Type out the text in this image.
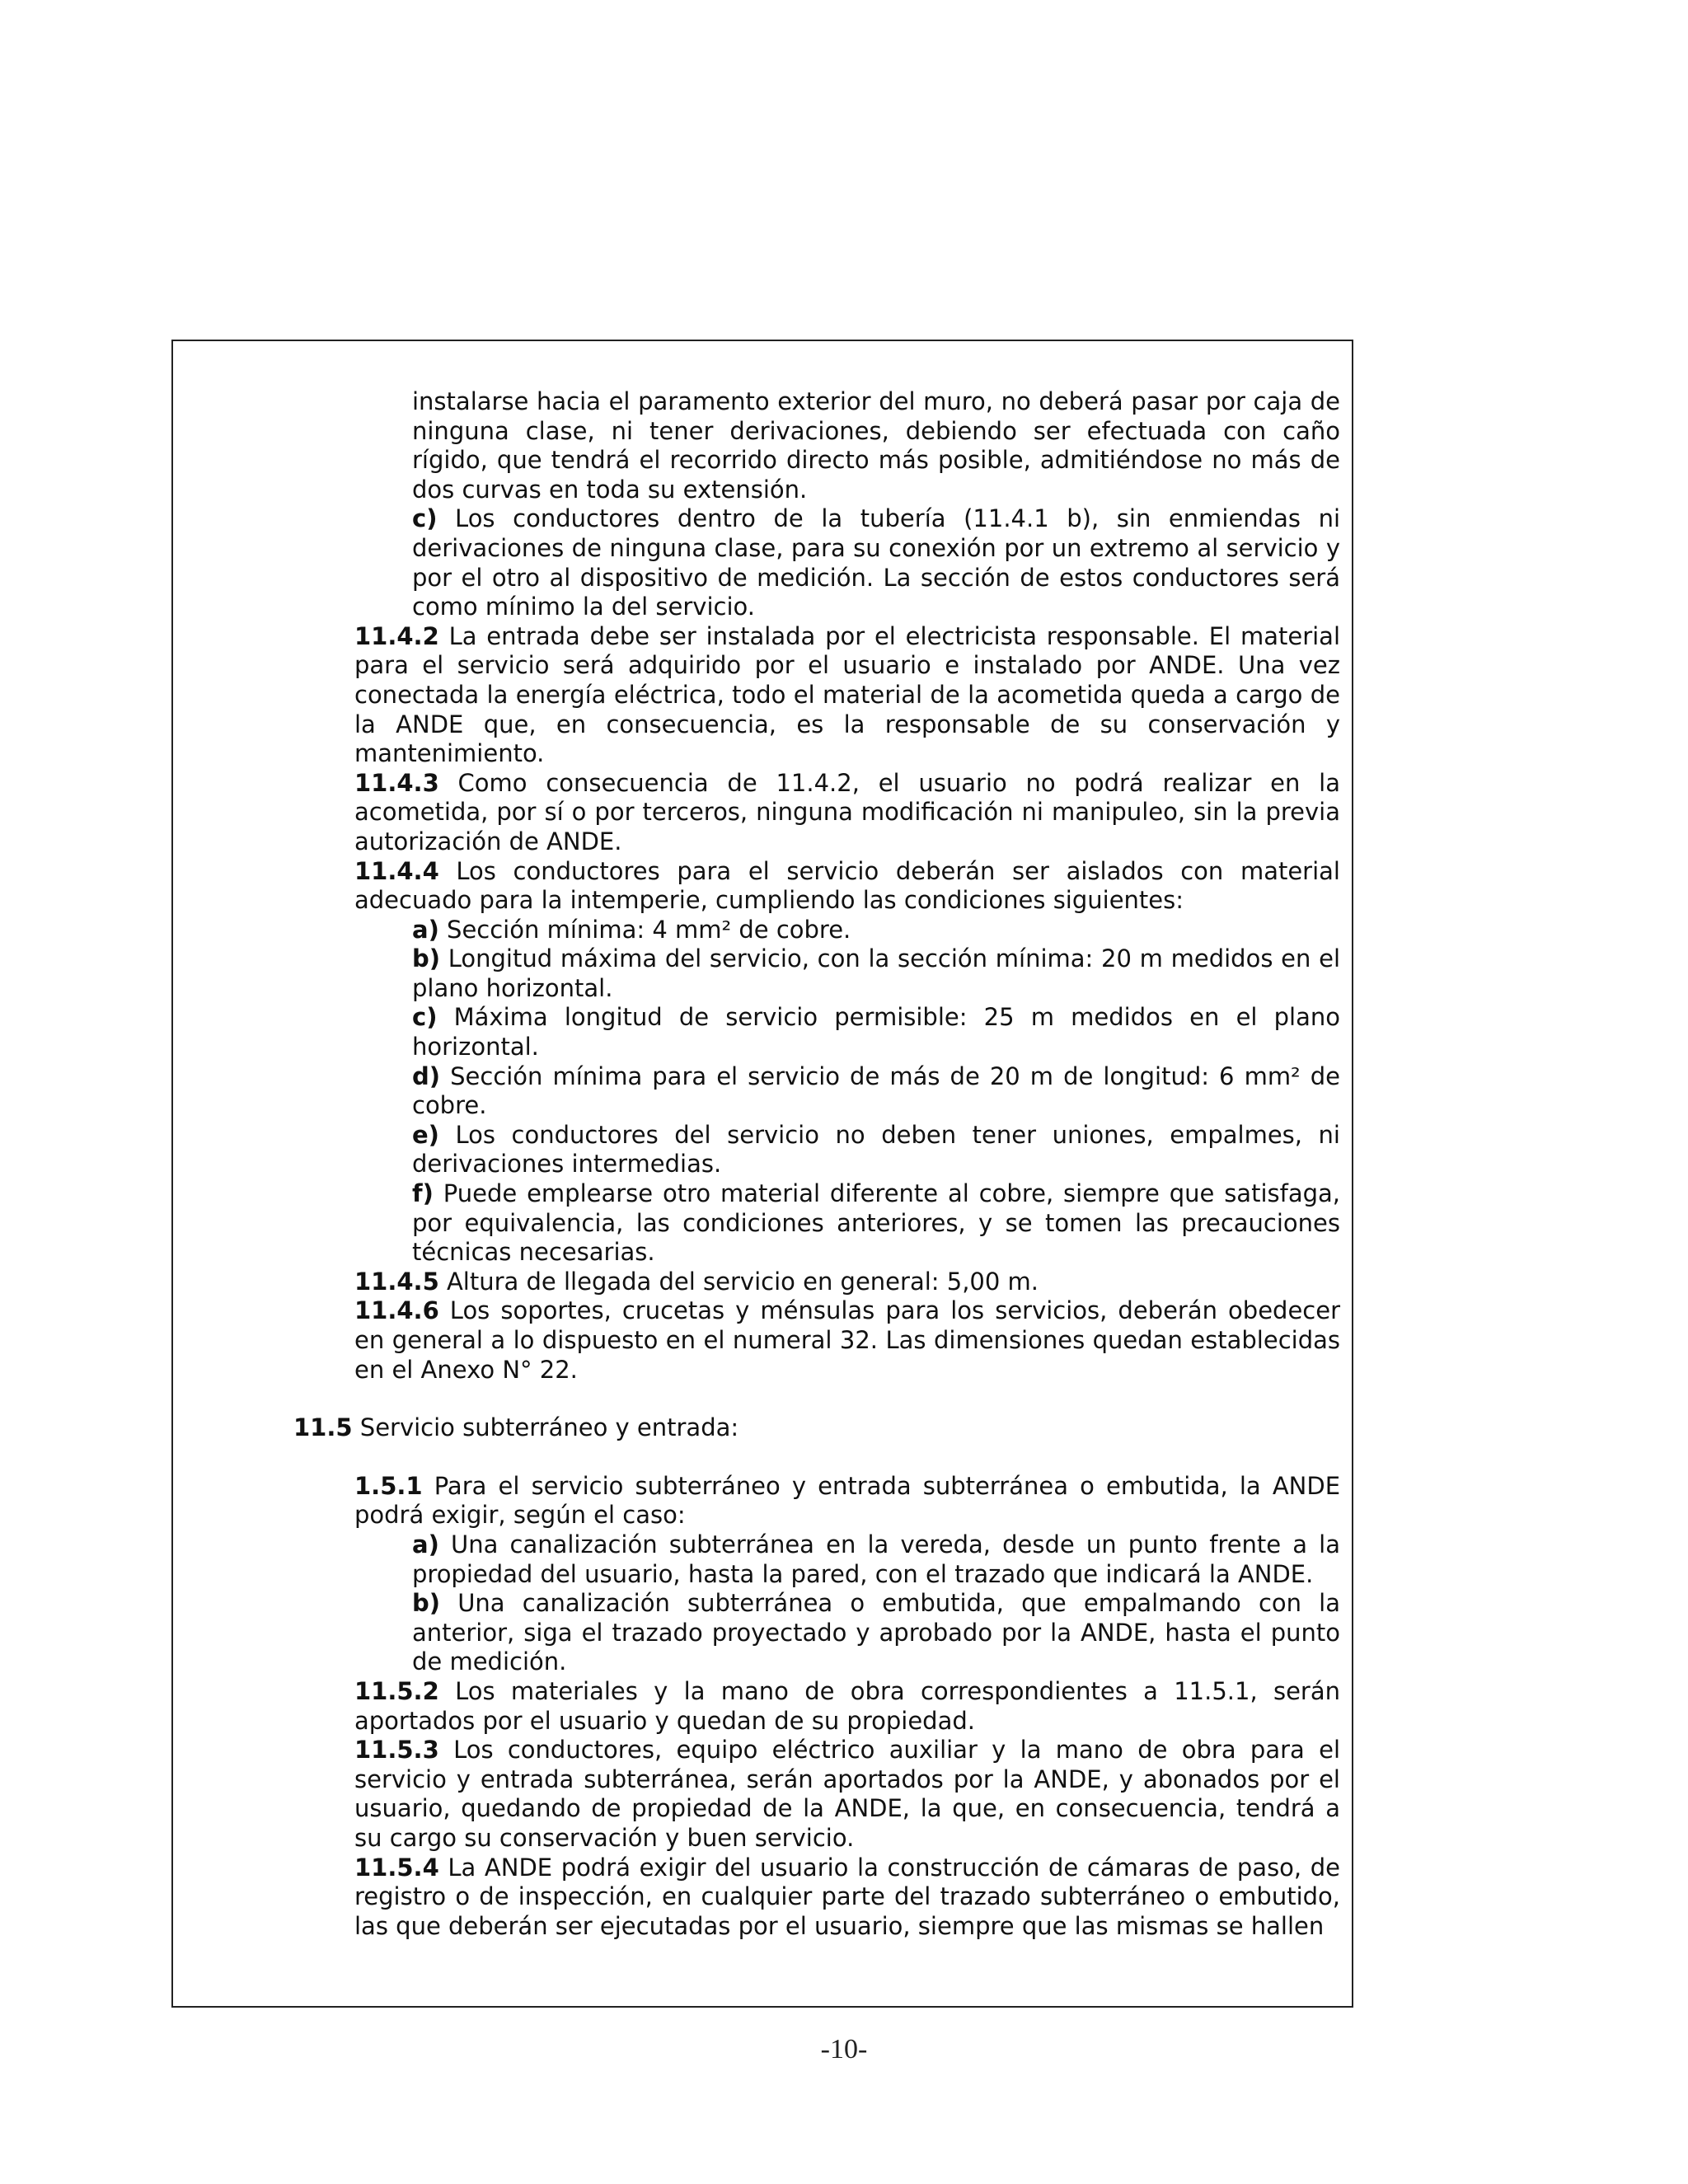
instalarse hacia el paramento exterior del muro, no deberá pasar por caja de ninguna clase, ni tener derivaciones, debiendo ser efectuada con caño rígido, que tendrá el recorrido directo más posible, admitiéndose no más de dos curvas en toda su extensión.

c) Los conductores dentro de la tubería (11.4.1 b), sin enmiendas ni derivaciones de ninguna clase, para su conexión por un extremo al servicio y por el otro al dispositivo de medición. La sección de estos conductores será como mínimo la del servicio.

11.4.2 La entrada debe ser instalada por el electricista responsable. El material para el servicio será adquirido por el usuario e instalado por ANDE. Una vez conectada la energía eléctrica, todo el material de la acometida queda a cargo de la ANDE que, en consecuencia, es la responsable de su conservación y mantenimiento.

11.4.3 Como consecuencia de 11.4.2, el usuario no podrá realizar en la acometida, por sí o por terceros, ninguna modificación ni manipuleo, sin la previa autorización de ANDE.

11.4.4 Los conductores para el servicio deberán ser aislados con material adecuado para la intemperie, cumpliendo las condiciones siguientes:

a) Sección mínima: 4 mm² de cobre.

b) Longitud máxima del servicio, con la sección mínima: 20 m medidos en el plano horizontal.

c) Máxima longitud de servicio permisible: 25 m medidos en el plano horizontal.

d) Sección mínima para el servicio de más de 20 m de longitud: 6 mm² de cobre.

e) Los conductores del servicio no deben tener uniones, empalmes, ni derivaciones intermedias.

f) Puede emplearse otro material diferente al cobre, siempre que satisfaga, por equivalencia, las condiciones anteriores, y se tomen las precauciones técnicas necesarias.

11.4.5 Altura de llegada del servicio en general: 5,00 m.

11.4.6 Los soportes, crucetas y ménsulas para los servicios, deberán obedecer en general a lo dispuesto en el numeral 32. Las dimensiones quedan establecidas en el Anexo N° 22.

11.5 Servicio subterráneo y entrada:

1.5.1 Para el servicio subterráneo y entrada subterránea o embutida, la ANDE podrá exigir, según el caso:

a) Una canalización subterránea en la vereda, desde un punto frente a la propiedad del usuario, hasta la pared, con el trazado que indicará la ANDE.

b) Una canalización subterránea o embutida, que empalmando con la anterior, siga el trazado proyectado y aprobado por la ANDE, hasta el punto de medición.

11.5.2 Los materiales y la mano de obra correspondientes a 11.5.1, serán aportados por el usuario y quedan de su propiedad.

11.5.3 Los conductores, equipo eléctrico auxiliar y la mano de obra para el servicio y entrada subterránea, serán aportados por la ANDE, y abonados por el usuario, quedando de propiedad de la ANDE, la que, en consecuencia, tendrá a su cargo su conservación y buen servicio.

11.5.4 La ANDE podrá exigir del usuario la construcción de cámaras de paso, de registro o de inspección, en cualquier parte del trazado subterráneo o embutido, las que deberán ser ejecutadas por el usuario, siempre que las mismas se hallen

-10-
